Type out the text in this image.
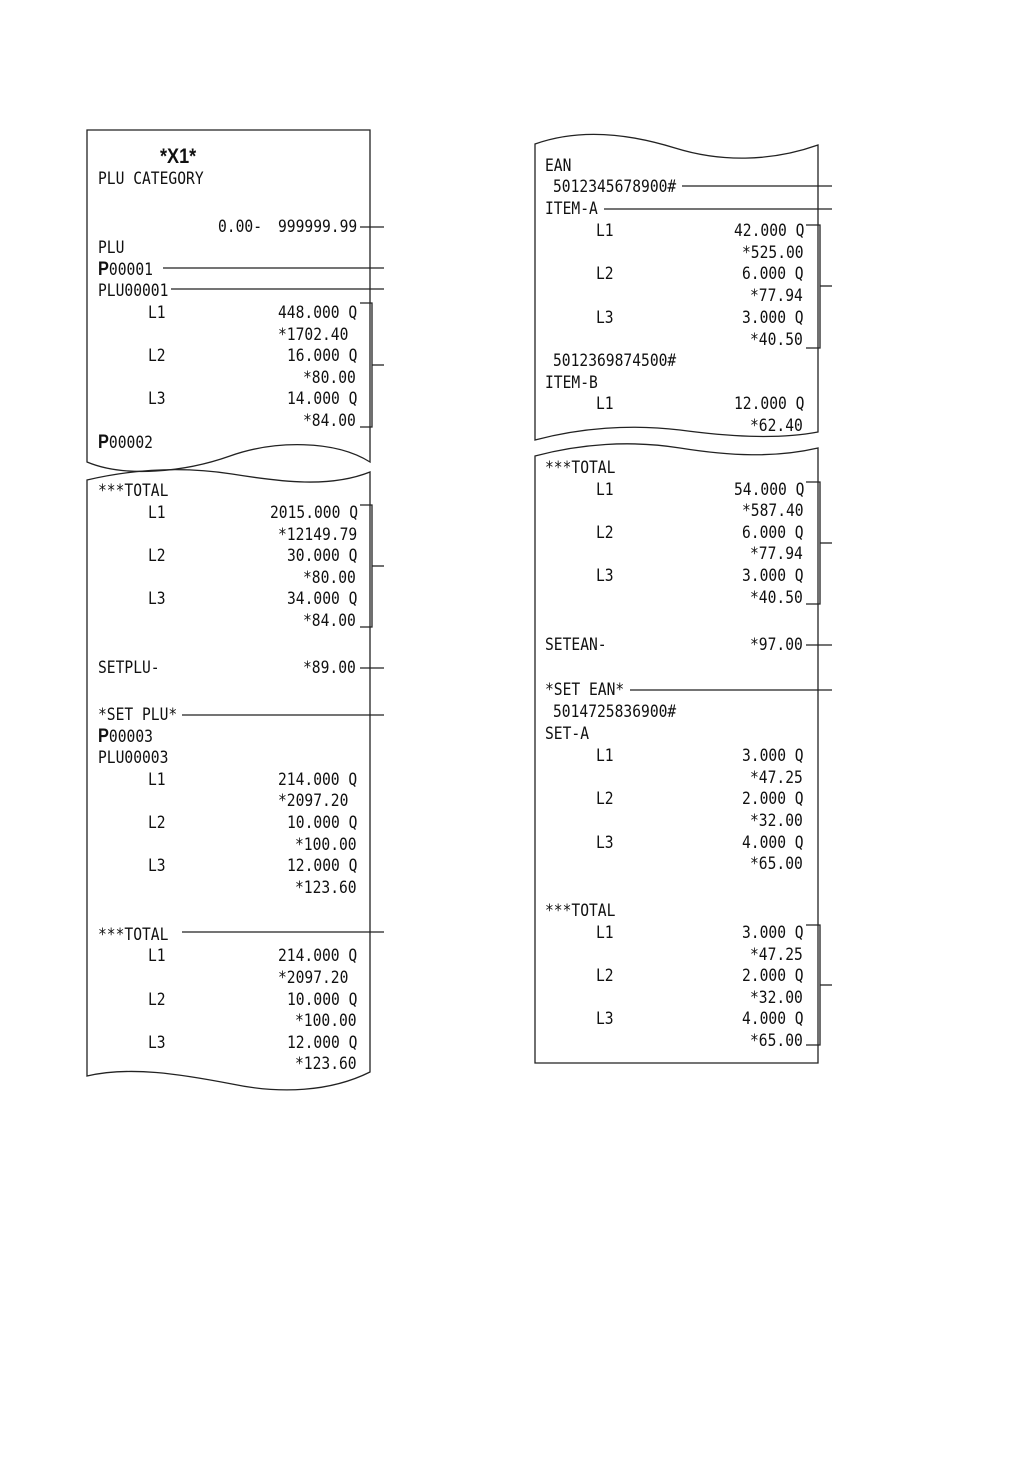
*X1*
PLU CATEGORY
0.00- 999999.99
PLU
P00001
PLU00001
L1	448.000 Q
*1702.40
L2	16.000 Q
*80.00
L3	14.000 Q
*84.00
P00002
***TOTAL
L1	2015.000 Q
*12149.79
L2	30.000 Q
*80.00
L3	34.000 Q
*84.00
SETPLU-	*89.00
*SET PLU*
P00003
PLU00003
L1	214.000 Q
*2097.20
L2	10.000 Q
*100.00
L3	12.000 Q
*123.60
***TOTAL
L1	214.000 Q
*2097.20
L2	10.000 Q
*100.00
L3	12.000 Q
*123.60
EAN
5012345678900#
ITEM-A
L1	42.000 Q
*525.00
L2	6.000 Q
*77.94
L3	3.000 Q
*40.50
5012369874500#
ITEM-B
L1	12.000 Q
*62.40
***TOTAL
L1	54.000 Q
*587.40
L2	6.000 Q
*77.94
L3	3.000 Q
*40.50
SETEAN-	*97.00
*SET EAN*
5014725836900#
SET-A
L1	3.000 Q
*47.25
L2	2.000 Q
*32.00
L3	4.000 Q
*65.00
***TOTAL
L1	3.000 Q
*47.25
L2	2.000 Q
*32.00
L3	4.000 Q
*65.00
